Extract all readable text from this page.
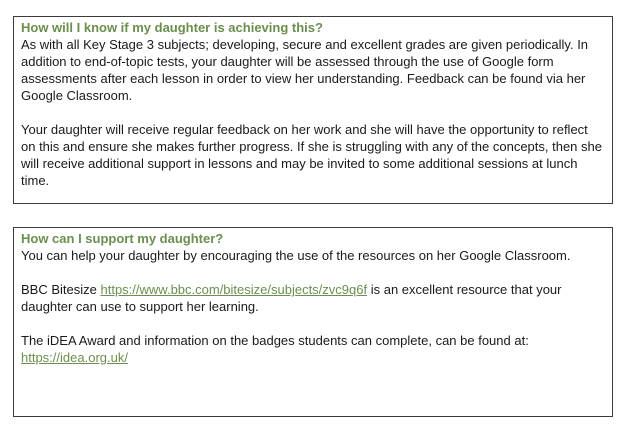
How will I know if my daughter is achieving this?

As with all Key Stage 3 subjects; developing, secure and excellent grades are given periodically. In addition to end-of-topic tests, your daughter will be assessed through the use of Google form assessments after each lesson in order to view her understanding. Feedback can be found via her Google Classroom.

Your daughter will receive regular feedback on her work and she will have the opportunity to reflect on this and ensure she makes further progress. If she is struggling with any of the concepts, then she will receive additional support in lessons and may be invited to some additional sessions at lunch time.

How can I support my daughter?

You can help your daughter by encouraging the use of the resources on her Google Classroom.

BBC Bitesize https://www.bbc.com/bitesize/subjects/zvc9q6f is an excellent resource that your daughter can use to support her learning.

The iDEA Award and information on the badges students can complete, can be found at:

https://idea.org.uk/
